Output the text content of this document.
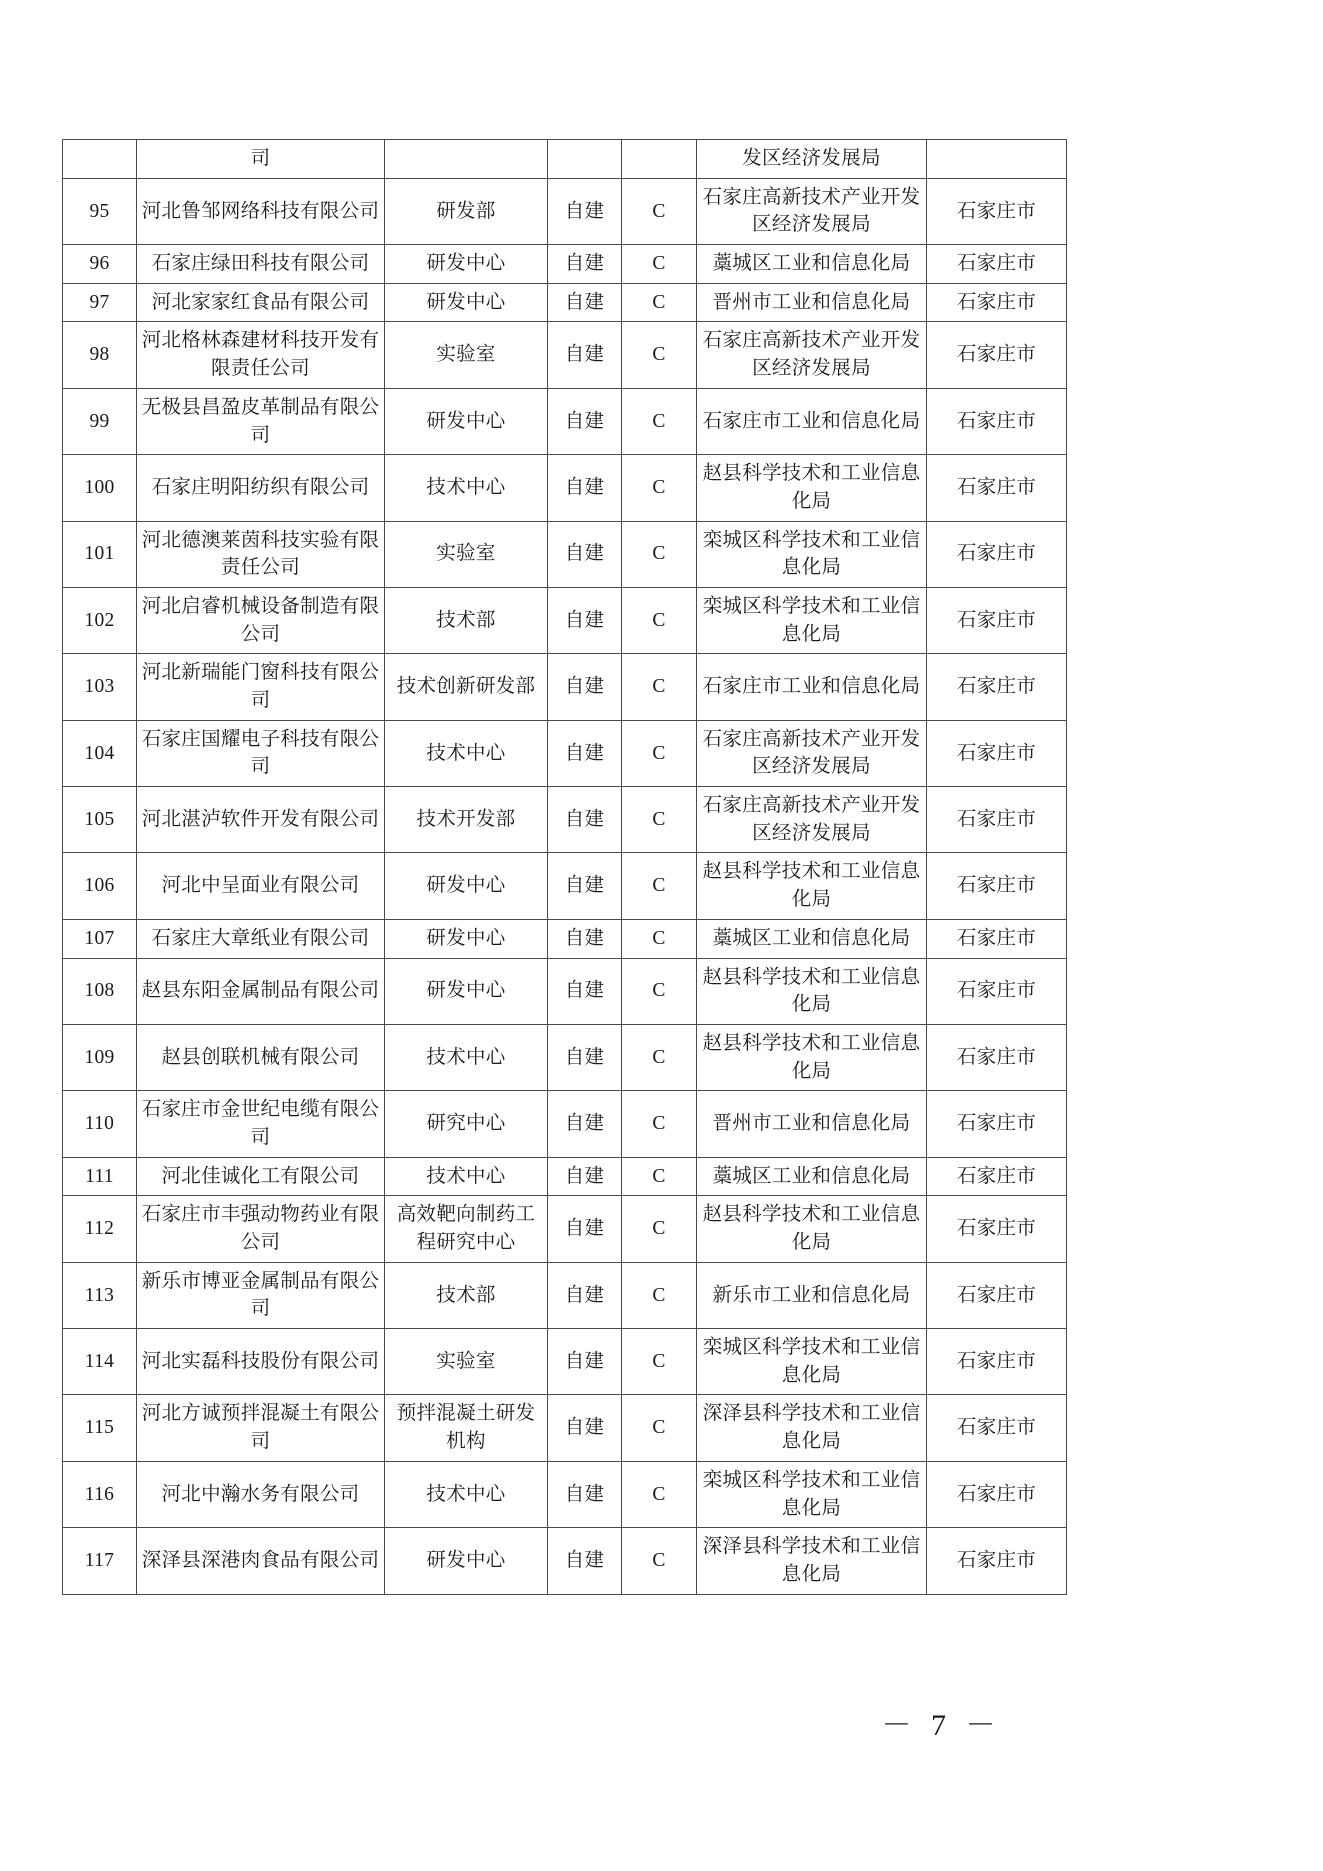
	司				发区经济发展局	
95	河北鲁邹网络科技有限公司	研发部	自建	C	石家庄高新技术产业开发区经济发展局	石家庄市
96	石家庄绿田科技有限公司	研发中心	自建	C	藁城区工业和信息化局	石家庄市
97	河北家家红食品有限公司	研发中心	自建	C	晋州市工业和信息化局	石家庄市
98	河北格林森建材科技开发有限责任公司	实验室	自建	C	石家庄高新技术产业开发区经济发展局	石家庄市
99	无极县昌盈皮革制品有限公司	研发中心	自建	C	石家庄市工业和信息化局	石家庄市
100	石家庄明阳纺织有限公司	技术中心	自建	C	赵县科学技术和工业信息化局	石家庄市
101	河北德澳莱茵科技实验有限责任公司	实验室	自建	C	栾城区科学技术和工业信息化局	石家庄市
102	河北启睿机械设备制造有限公司	技术部	自建	C	栾城区科学技术和工业信息化局	石家庄市
103	河北新瑞能门窗科技有限公司	技术创新研发部	自建	C	石家庄市工业和信息化局	石家庄市
104	石家庄国耀电子科技有限公司	技术中心	自建	C	石家庄高新技术产业开发区经济发展局	石家庄市
105	河北湛泸软件开发有限公司	技术开发部	自建	C	石家庄高新技术产业开发区经济发展局	石家庄市
106	河北中呈面业有限公司	研发中心	自建	C	赵县科学技术和工业信息化局	石家庄市
107	石家庄大章纸业有限公司	研发中心	自建	C	藁城区工业和信息化局	石家庄市
108	赵县东阳金属制品有限公司	研发中心	自建	C	赵县科学技术和工业信息化局	石家庄市
109	赵县创联机械有限公司	技术中心	自建	C	赵县科学技术和工业信息化局	石家庄市
110	石家庄市金世纪电缆有限公司	研究中心	自建	C	晋州市工业和信息化局	石家庄市
111	河北佳诚化工有限公司	技术中心	自建	C	藁城区工业和信息化局	石家庄市
112	石家庄市丰强动物药业有限公司	高效靶向制药工程研究中心	自建	C	赵县科学技术和工业信息化局	石家庄市
113	新乐市博亚金属制品有限公司	技术部	自建	C	新乐市工业和信息化局	石家庄市
114	河北实磊科技股份有限公司	实验室	自建	C	栾城区科学技术和工业信息化局	石家庄市
115	河北方诚预拌混凝土有限公司	预拌混凝土研发机构	自建	C	深泽县科学技术和工业信息化局	石家庄市
116	河北中瀚水务有限公司	技术中心	自建	C	栾城区科学技术和工业信息化局	石家庄市
117	深泽县深港肉食品有限公司	研发中心	自建	C	深泽县科学技术和工业信息化局	石家庄市
－ 7 －
